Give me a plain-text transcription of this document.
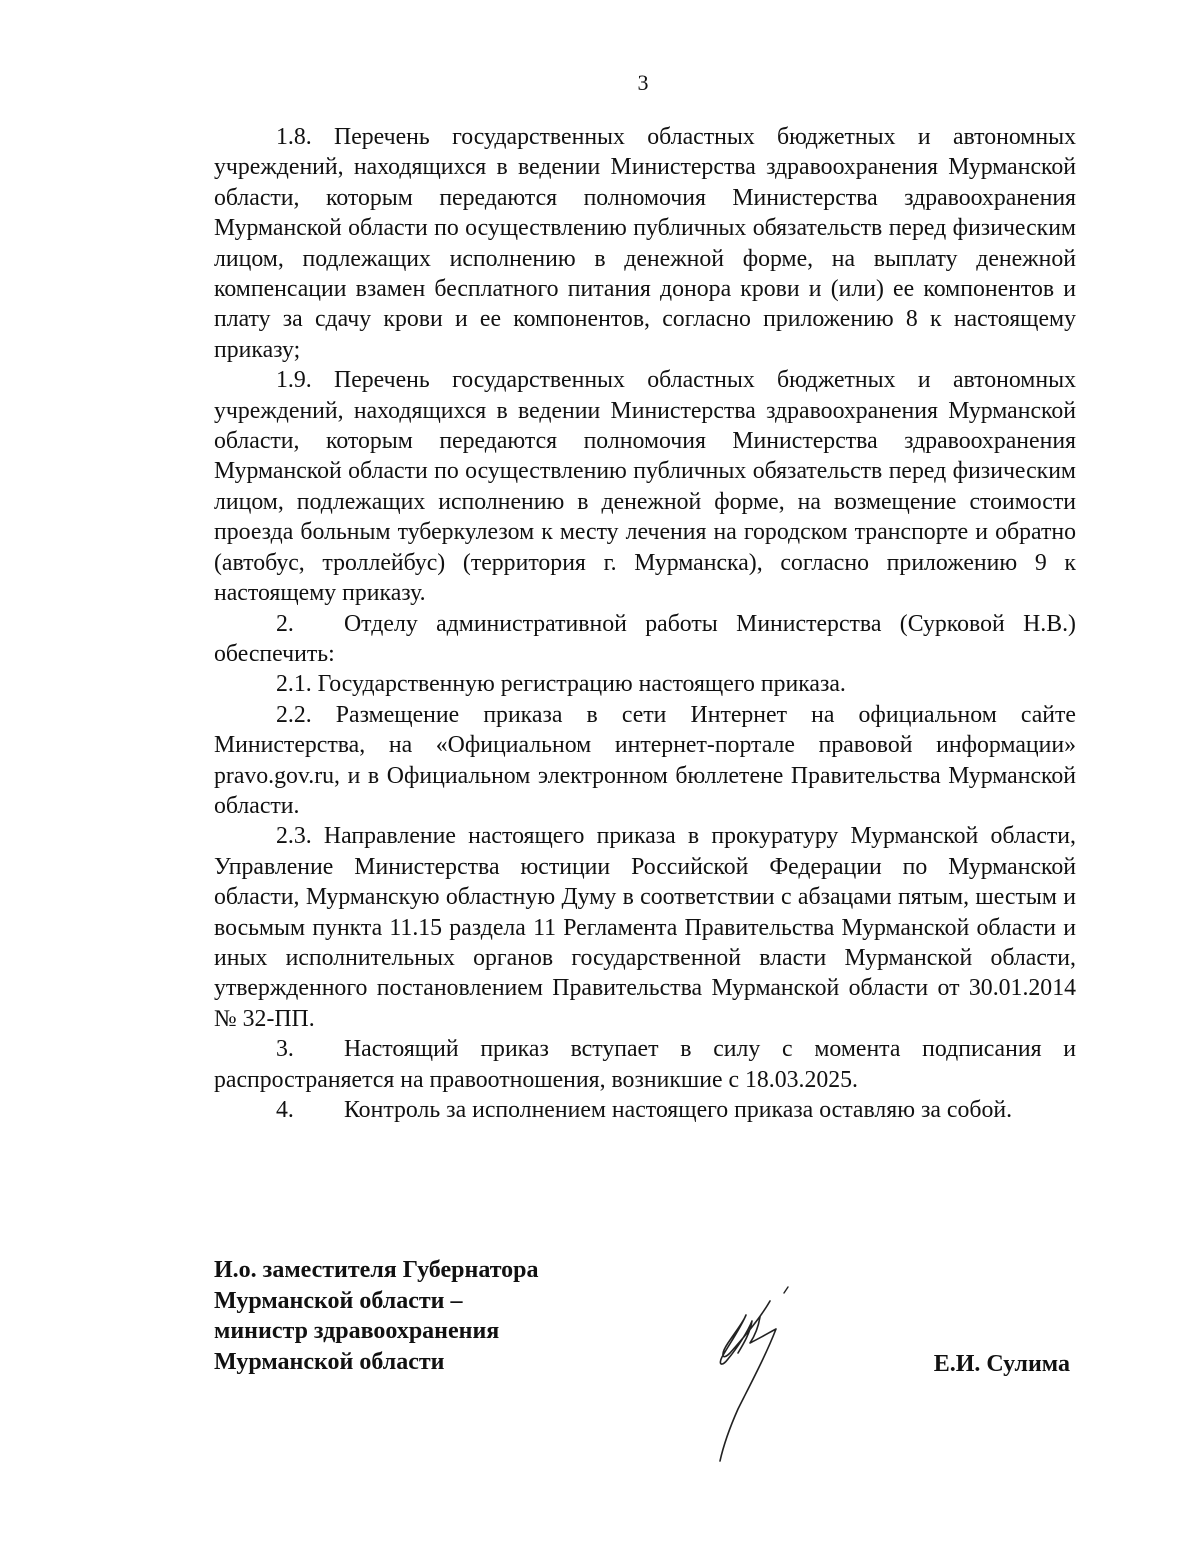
3

1.8. Перечень государственных областных бюджетных и автономных учреждений, находящихся в ведении Министерства здравоохранения Мурманской области, которым передаются полномочия Министерства здравоохранения Мурманской области по осуществлению публичных обязательств перед физическим лицом, подлежащих исполнению в денежной форме, на выплату денежной компенсации взамен бесплатного питания донора крови и (или) ее компонентов и плату за сдачу крови и ее компонентов, согласно приложению 8 к настоящему приказу;

1.9. Перечень государственных областных бюджетных и автономных учреждений, находящихся в ведении Министерства здравоохранения Мурманской области, которым передаются полномочия Министерства здравоохранения Мурманской области по осуществлению публичных обязательств перед физическим лицом, подлежащих исполнению в денежной форме, на возмещение стоимости проезда больным туберкулезом к месту лечения на городском транспорте и обратно (автобус, троллейбус) (территория г. Мурманска), согласно приложению 9 к настоящему приказу.

2. Отделу административной работы Министерства (Сурковой Н.В.) обеспечить:

2.1. Государственную регистрацию настоящего приказа.

2.2. Размещение приказа в сети Интернет на официальном сайте Министерства, на «Официальном интернет-портале правовой информации» pravo.gov.ru, и в Официальном электронном бюллетене Правительства Мурманской области.

2.3. Направление настоящего приказа в прокуратуру Мурманской области, Управление Министерства юстиции Российской Федерации по Мурманской области, Мурманскую областную Думу в соответствии с абзацами пятым, шестым и восьмым пункта 11.15 раздела 11 Регламента Правительства Мурманской области и иных исполнительных органов государственной власти Мурманской области, утвержденного постановлением Правительства Мурманской области от 30.01.2014 № 32-ПП.

3. Настоящий приказ вступает в силу с момента подписания и распространяется на правоотношения, возникшие с 18.03.2025.

4. Контроль за исполнением настоящего приказа оставляю за собой.

И.о. заместителя Губернатора
Мурманской области –
министр здравоохранения
Мурманской области	Е.И. Сулима
